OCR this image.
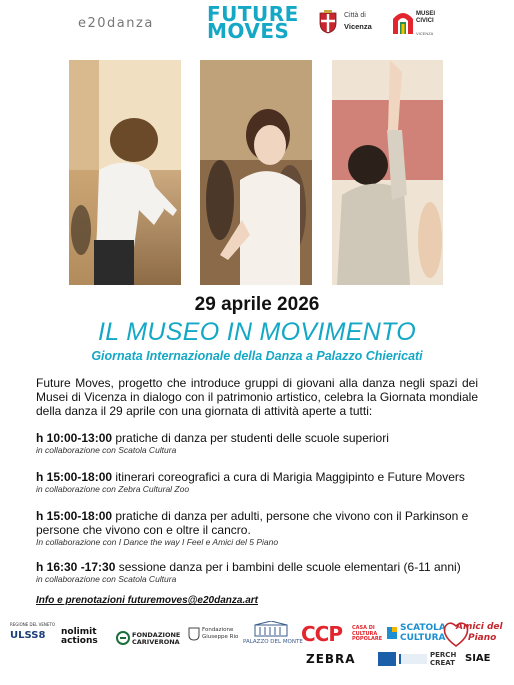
e20danza	FUTURE
MOVES
Città di
Vicenza
MUSEI
CIVICI
VICENZA
29 aprile 2026
IL MUSEO IN MOVIMENTO
Giornata Internazionale della Danza a Palazzo Chiericati
Future Moves, progetto che introduce gruppi di giovani alla danza negli spazi dei Musei di Vicenza in dialogo con il patrimonio artistico, celebra la Giornata mondiale della danza il 29 aprile con una giornata di attività aperte a tutti:
h 10:00-13:00 pratiche di danza per studenti delle scuole superiori
in collaborazione con Scatola Cultura
h 15:00-18:00 itinerari coreografici a cura di Marigia Maggipinto e Future Movers
in collaborazione con Zebra Cultural Zoo
h 15:00-18:00 pratiche di danza per adulti, persone che vivono con il Parkinson e persone che vivono con e oltre il cancro.
In collaborazione con I Dance the way I Feel e Amici del 5 Piano
h 16:30 -17:30 sessione danza per i bambini delle scuole elementari (6-11 anni)
in collaborazione con Scatola Cultura
Info e prenotazioni futuremoves@e20danza.art
REGIONE DEL VENETO
ULSS8	nolimit actions
FONDAZIONE CARIVERONA
Fondazione
Giuseppe Rio
PALAZZO DEL MONTE
CCP CASA DI CULTURA POPOLARE
SCATOLA
CULTURA
Amici del
Piano
ZEBRA	PERCH CREAT SIAE
